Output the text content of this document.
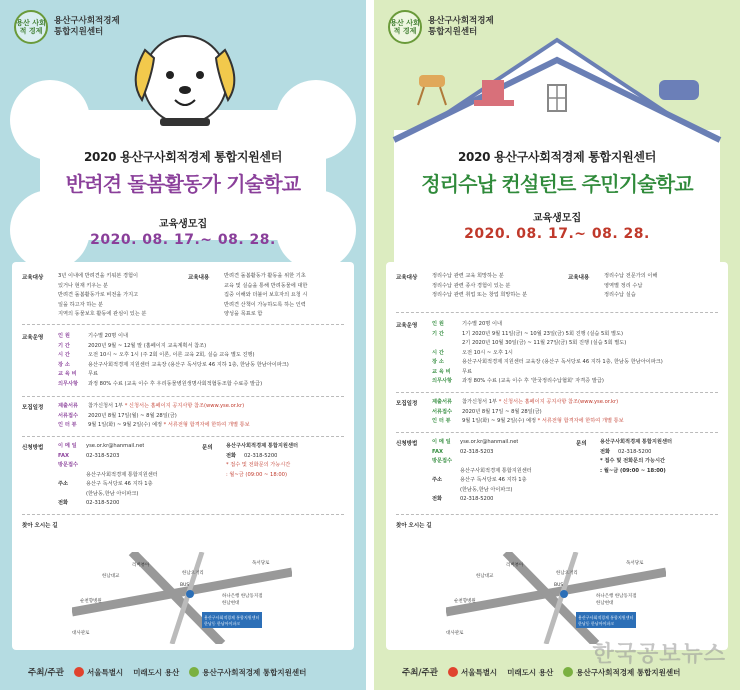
용산 사회적 경제
용산구사회적경제 통합지원센터
2020 용산구사회적경제 통합지원센터
반려견 돌봄활동가 기술학교
교육생모집
2020. 08. 17.~ 08. 28.
교육대상	3년 이내에 반려견을 키워본 경험이
있거나 현재 키우는 분
반려견 돌봄활동가로 비전을 가지고
일을 하고자 하는 분
지역의 동물보호 활동에 관심이 있는 분
교육내용	반려견 돌봄활동가 활동을 위한 기초
교육 및 실습을 통해 반려동물에 대한
집중 이해와 더불어 보호자의 요청 시
반려견 산책이 가능하도록 하는 인력
양성을 목표로 함
교육운영	인 원	기수별 20명 이내
기 간	2020년 9월 ~ 12월 말 (홈페이지 교육계획서 참조)
시 간	오전 10시 ~ 오후 1시 (주 2회 이론, 이론 교육 2회, 실습 교육 별도 진행)
장 소	용산구사회적경제 지원센터 교육장 (용산구 독서당로 46 지하 1층, 한남동 한남아이파크)
교 육 비	무료
의무사항	과정 80% 수료 (교육 이수 후 우리동물병원생명사회적협동조합 수료증 발급)
모집일정	제출서류	참가신청서 1부
* 신청서는 홈페이지 공지사항 참조(www.yse.or.kr)
서류접수	2020년 8월 17일(월) ~ 8월 28일(금)
인 터 뷰	9월 1일(화) ~ 9월 2일(수) 예정
* 서류전형 합격자에 한하여 개별 통보
신청방법	이 메 일	yse.or.kr@hanmail.net
FAX	02-318-5203
방문접수
용산구사회적경제 통합지원센터
주소	용산구 독서당로 46 지하 1층
(한남동,한남 아이파크)
전화	02-318-5200
문의	용산구사회적경제 통합지원센터
전화	02-318-5200
* 접수 및 전화문의 가능시간
: 월~금 (09:00 ~ 18:00)
찾아 오시는 길
순천향병원
리버뷰아
한남대교
한남오거리
독서당로
하나은행 한남동지점
한남현대
BUS
대사관로
용산구사회적경제 통합지원센터
한남동 한남아이파크
주최/주관	서울특별시 미래도시 용산	용산구사회적경제 통합지원센터
용산 사회적 경제
용산구사회적경제 통합지원센터
2020 용산구사회적경제 통합지원센터
정리수납 컨설턴트 주민기술학교
교육생모집
2020. 08. 17.~ 08. 28.
교육대상	정리수납 관련 교육 희망하는 분
정리수납 관련 종사 경험이 있는 분
정리수납 관련 취업 또는 창업 희망하는 분
교육내용	정리수납 전문가의 이해
영역별 정리 수납
정리수납 실습
교육운영	인 원	기수별 20명 이내
기 간	1기 2020년 9월 11일(금) ~ 10월 23일(금) 5회 진행 (실습 5회 별도)
2기 2020년 10월 30일(금) ~ 11월 27일(금) 5회 진행 (실습 5회 별도)
시 간	오전 10시 ~ 오후 1시
장 소	용산구사회적경제 지원센터 교육장 (용산구 독서당로 46 지하 1층, 한남동 한남아이파크)
교 육 비	무료
의무사항	과정 80% 수료 (교육 이수 후 '한국정리수납협회' 자격증 발급)
모집일정	제출서류	참가신청서 1부
* 신청서는 홈페이지 공지사항 참조(www.yse.or.kr)
서류접수	2020년 8월 17일 ~ 8월 28일(금)
인 터 뷰	9월 1일(화) ~ 9월 2일(수) 예정
* 서류전형 합격자에 한하여 개별 통보
신청방법	이 메 일	yse.or.kr@hanmail.net
FAX	02-318-5203
방문접수
용산구사회적경제 통합지원센터
주소	용산구 독서당로 46 지하 1층
(한남동,한남 아이파크)
전화	02-318-5200
문의	용산구사회적경제 통합지원센터
전화	02-318-5200
* 접수 및 전화문의 가능시간
: 월~금 (09:00 ~ 18:00)
찾아 오시는 길
순천향병원
리버뷰아
한남대교
한남오거리
독서당로
하나은행 한남동지점
한남현대
BUS
대사관로
용산구사회적경제 통합지원센터
한남동 한남아이파크
주최/주관	서울특별시 미래도시 용산	용산구사회적경제 통합지원센터
한국공보뉴스
